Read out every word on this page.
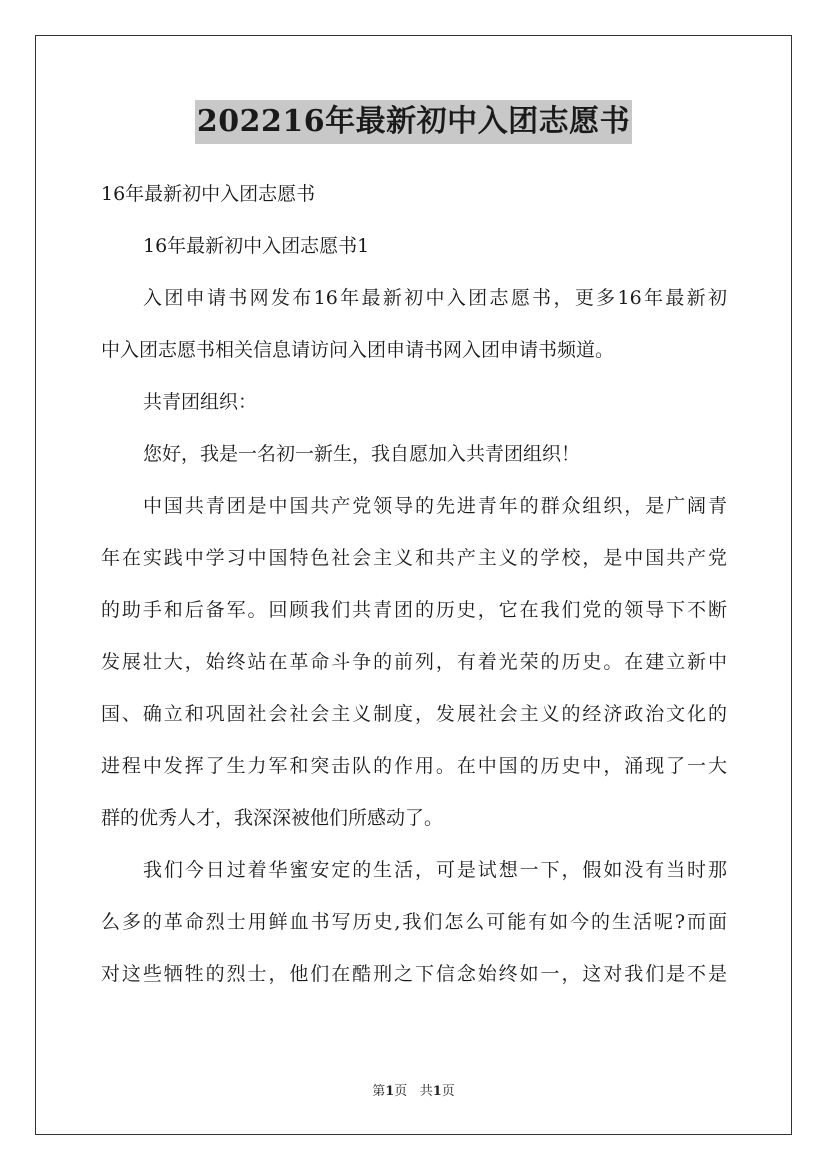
202216年最新初中入团志愿书
16年最新初中入团志愿书
16年最新初中入团志愿书1
入团申请书网发布16年最新初中入团志愿书，更多16年最新初
中入团志愿书相关信息请访问入团申请书网入团申请书频道。
共青团组织：
您好，我是一名初一新生，我自愿加入共青团组织！
中国共青团是中国共产党领导的先进青年的群众组织，是广阔青
年在实践中学习中国特色社会主义和共产主义的学校，是中国共产党
的助手和后备军。回顾我们共青团的历史，它在我们党的领导下不断
发展壮大，始终站在革命斗争的前列，有着光荣的历史。在建立新中
国、确立和巩固社会社会主义制度，发展社会主义的经济政治文化的
进程中发挥了生力军和突击队的作用。在中国的历史中，涌现了一大
群的优秀人才，我深深被他们所感动了。
我们今日过着华蜜安定的生活，可是试想一下，假如没有当时那
么多的革命烈士用鲜血书写历史,我们怎么可能有如今的生活呢?而面
对这些牺牲的烈士，他们在酷刑之下信念始终如一，这对我们是不是
第1页 共1页
